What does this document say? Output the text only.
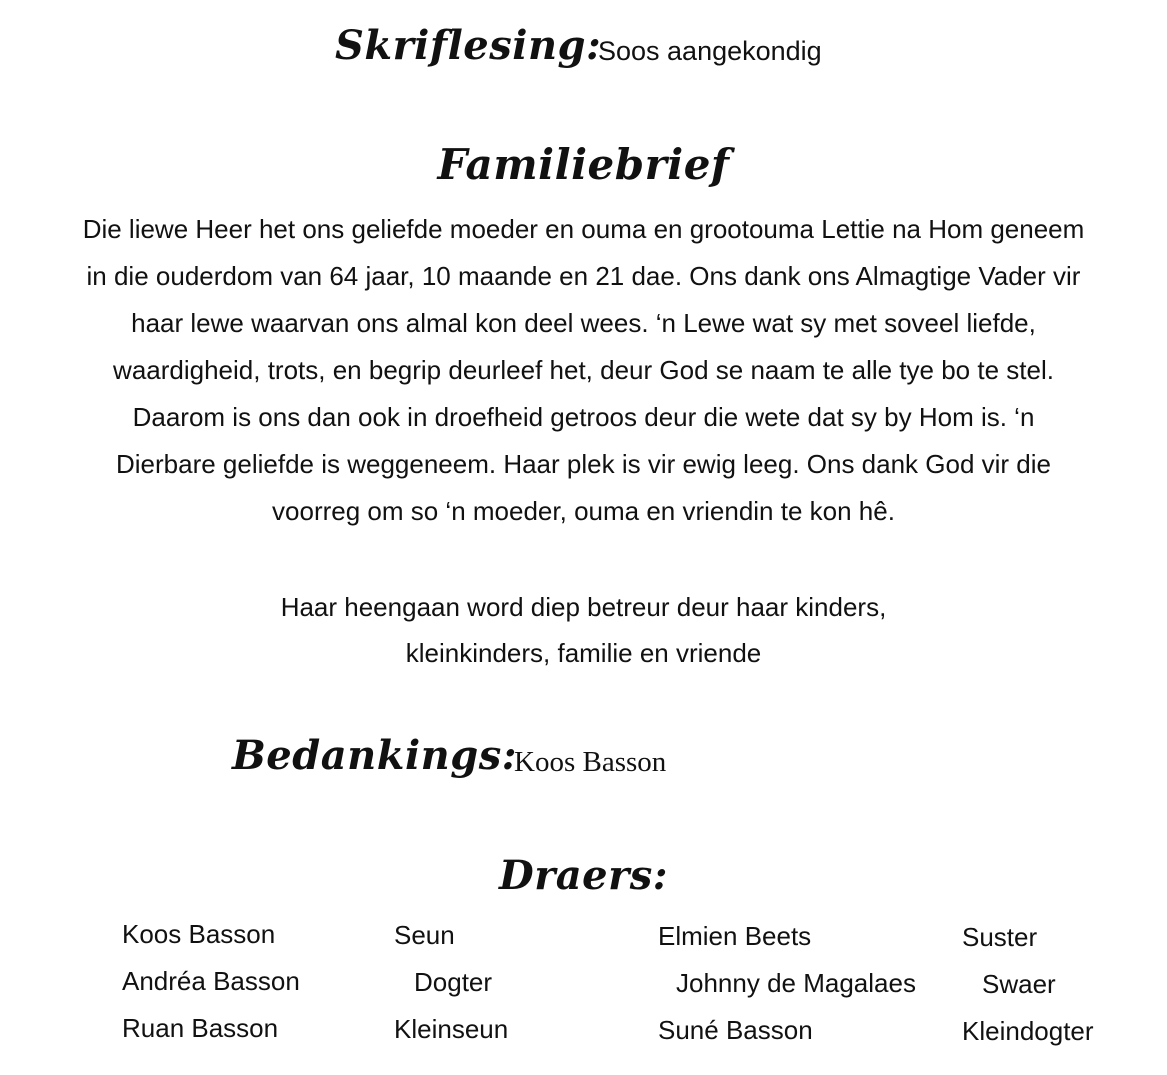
Skriflesing:
Soos aangekondig
Familiebrief
Die liewe Heer het ons geliefde moeder en ouma en grootouma Lettie na Hom geneem
in die ouderdom van 64 jaar, 10 maande en 21 dae. Ons dank ons Almagtige Vader vir
haar lewe waarvan ons almal kon deel wees. ‘n Lewe wat sy met soveel liefde,
waardigheid, trots, en begrip deurleef het, deur God se naam te alle tye bo te stel.
Daarom is ons dan ook in droefheid getroos deur die wete dat sy by Hom is. ‘n
Dierbare geliefde is weggeneem. Haar plek is vir ewig leeg. Ons dank God vir die
voorreg om so ‘n moeder, ouma en vriendin te kon hê.
Haar heengaan word diep betreur deur haar kinders,
kleinkinders, familie en vriende
Bedankings:
Koos Basson
Draers:
Koos Basson	Seun	Elmien Beets	Suster
Andréa Basson	Dogter	Johnny de Magalaes	Swaer
Ruan Basson	Kleinseun	Suné Basson	Kleindogter
